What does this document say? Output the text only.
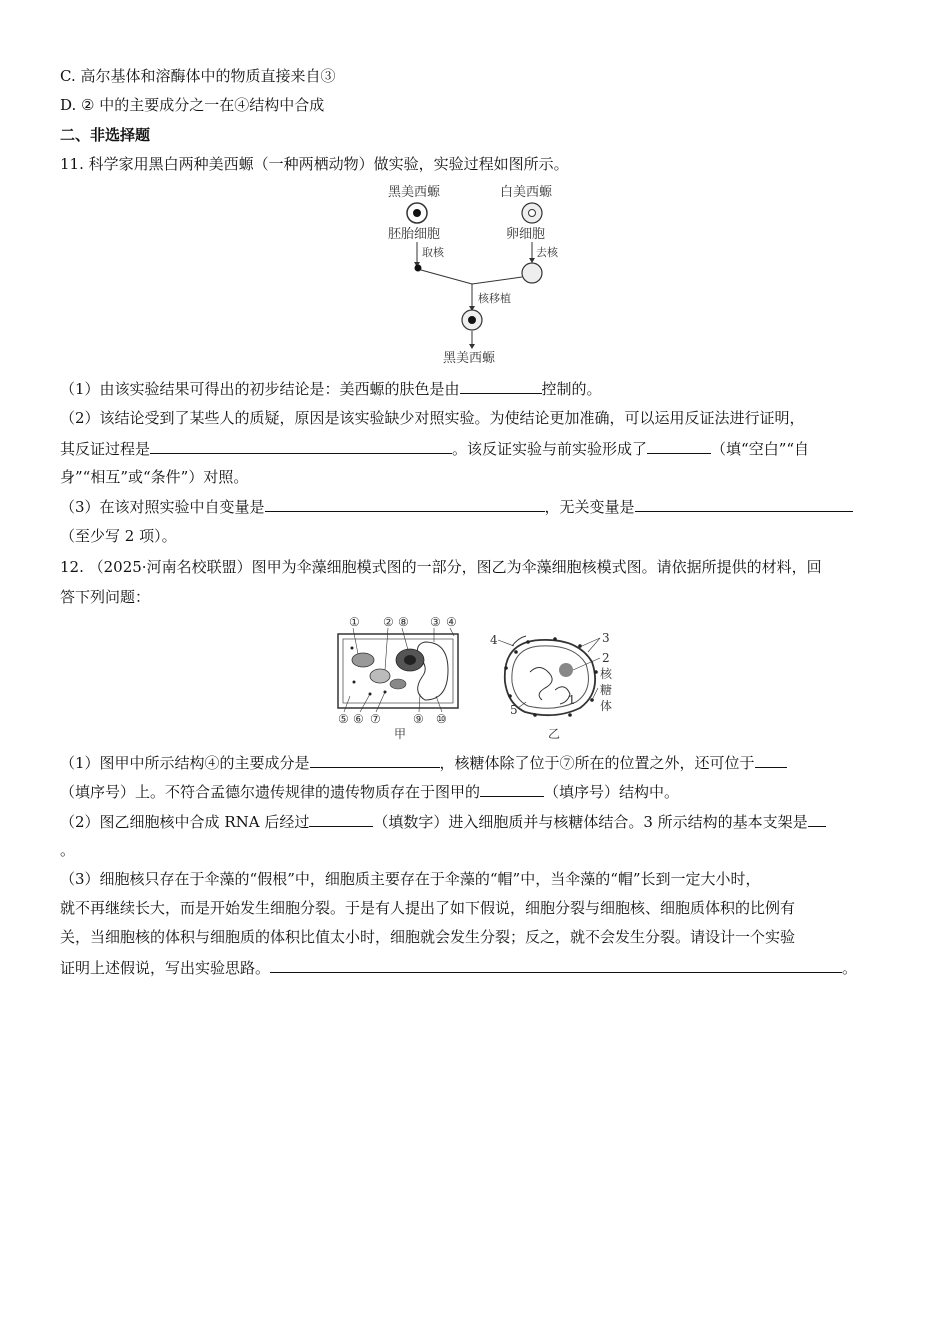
C. 高尔基体和溶酶体中的物质直接来自③
D. ② 中的主要成分之一在④结构中合成
二、非选择题
11. 科学家用黑白两种美西螈（一种两栖动物）做实验，实验过程如图所示。
黑美西螈	白美西螈
胚胎细胞	卵细胞
取核	去核
核移植
黑美西螈
（1）由该实验结果可得出的初步结论是：美西螈的肤色是由	控制的。
（2）该结论受到了某些人的质疑，原因是该实验缺少对照实验。为使结论更加准确，可以运用反证法进行证明，
其反证过程是	。该反证实验与前实验形成了	（填“空白”“自
身”“相互”或“条件”）对照。
（3）在该对照实验中自变量是	，无关变量是
（至少写 2 项）。
12. （2025·河南名校联盟）图甲为伞藻细胞模式图的一部分，图乙为伞藻细胞核模式图。请依据所提供的材料，回
答下列问题：
① ② ⑧ ③ ④
⑤ ⑥ ⑦	⑨ ⑩
甲
4	3
2
核
糖
体
5
1
乙
（1）图甲中所示结构④的主要成分是	，核糖体除了位于⑦所在的位置之外，还可位于
（填序号）上。不符合孟德尔遗传规律的遗传物质存在于图甲的	（填序号）结构中。
（2）图乙细胞核中合成 RNA 后经过	（填数字）进入细胞质并与核糖体结合。3 所示结构的基本支架是
。
（3）细胞核只存在于伞藻的“假根”中，细胞质主要存在于伞藻的“帽”中，当伞藻的“帽”长到一定大小时，
就不再继续长大，而是开始发生细胞分裂。于是有人提出了如下假说，细胞分裂与细胞核、细胞质体积的比例有
关，当细胞核的体积与细胞质的体积比值太小时，细胞就会发生分裂；反之，就不会发生分裂。请设计一个实验
证明上述假说，写出实验思路。	。
